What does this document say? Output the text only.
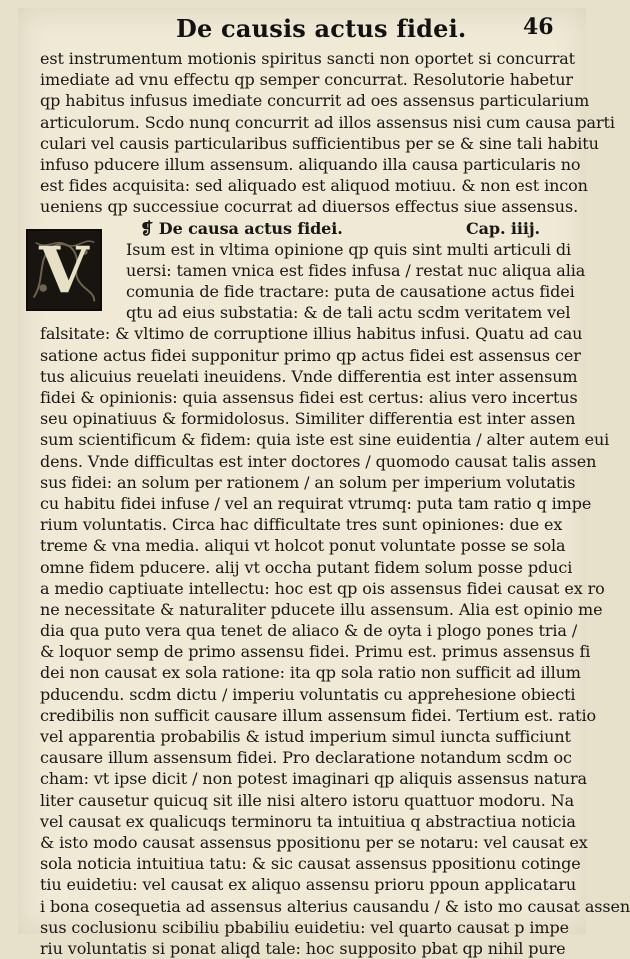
De causis actus fidei.	46
est instrumentum motionis spiritus sancti non oportet si concurrat
imediate ad vnu effectu qp semper concurrat. Resolutorie habetur
qp habitus infusus imediate concurrit ad oes assensus particularium
articulorum. Scdo nunq concurrit ad illos assensus nisi cum causa parti
culari vel causis particularibus sufficientibus per se & sine tali habitu
infuso pducere illum assensum. aliquando illa causa particularis no
est fides acquisita: sed aliquado est aliquod motiuu. & non est incon
ueniens qp successiue cocurrat ad diuersos effectus siue assensus.
❡ De causa actus fidei.	Cap. iiij.
Isum est in vltima opinione qp quis sint multi articuli di
uersi: tamen vnica est fides infusa / restat nuc aliqua alia
comunia de fide tractare: puta de causatione actus fidei
qtu ad eius substatia: & de tali actu scdm veritatem vel
falsitate: & vltimo de corruptione illius habitus infusi. Quatu ad cau
satione actus fidei supponitur primo qp actus fidei est assensus cer
tus alicuius reuelati ineuidens. Vnde differentia est inter assensum
fidei & opinionis: quia assensus fidei est certus: alius vero incertus
seu opinatiuus & formidolosus. Similiter differentia est inter assen
sum scientificum & fidem: quia iste est sine euidentia / alter autem eui
dens. Vnde difficultas est inter doctores / quomodo causat talis assen
sus fidei: an solum per rationem / an solum per imperium volutatis
cu habitu fidei infuse / vel an requirat vtrumq: puta tam ratio q impe
rium voluntatis. Circa hac difficultate tres sunt opiniones: due ex
treme & vna media. aliqui vt holcot ponut voluntate posse se sola
omne fidem pducere. alij vt occha putant fidem solum posse pduci
a medio captiuate intellectu: hoc est qp ois assensus fidei causat ex ro
ne necessitate & naturaliter pducete illu assensum. Alia est opinio me
dia qua puto vera qua tenet de aliaco & de oyta i plogo pones tria /
& loquor semp de primo assensu fidei. Primu est. primus assensus fi
dei non causat ex sola ratione: ita qp sola ratio non sufficit ad illum
pducendu. scdm dictu / imperiu voluntatis cu apprehesione obiecti
credibilis non sufficit causare illum assensum fidei. Tertium est. ratio
vel apparentia probabilis & istud imperium simul iuncta sufficiunt
causare illum assensum fidei. Pro declaratione notandum scdm oc
cham: vt ipse dicit / non potest imaginari qp aliquis assensus natura
liter causetur quicuq sit ille nisi altero istoru quattuor modoru. Na
vel causat ex qualicuqs terminoru ta intuitiua q abstractiua noticia
& isto modo causat assensus ppositionu per se notaru: vel causat ex
sola noticia intuitiua tatu: & sic causat assensus ppositionu cotinge
tiu euidetiu: vel causat ex aliquo assensu prioru ppoun applicataru
i bona cosequetia ad assensus alterius causandu / & isto mo causat assen
sus coclusionu scibiliu pbabiliu euidetiu: vel quarto causat p impe
riu voluntatis si ponat aliqd tale: hoc supposito pbat qp nihil pure
V
